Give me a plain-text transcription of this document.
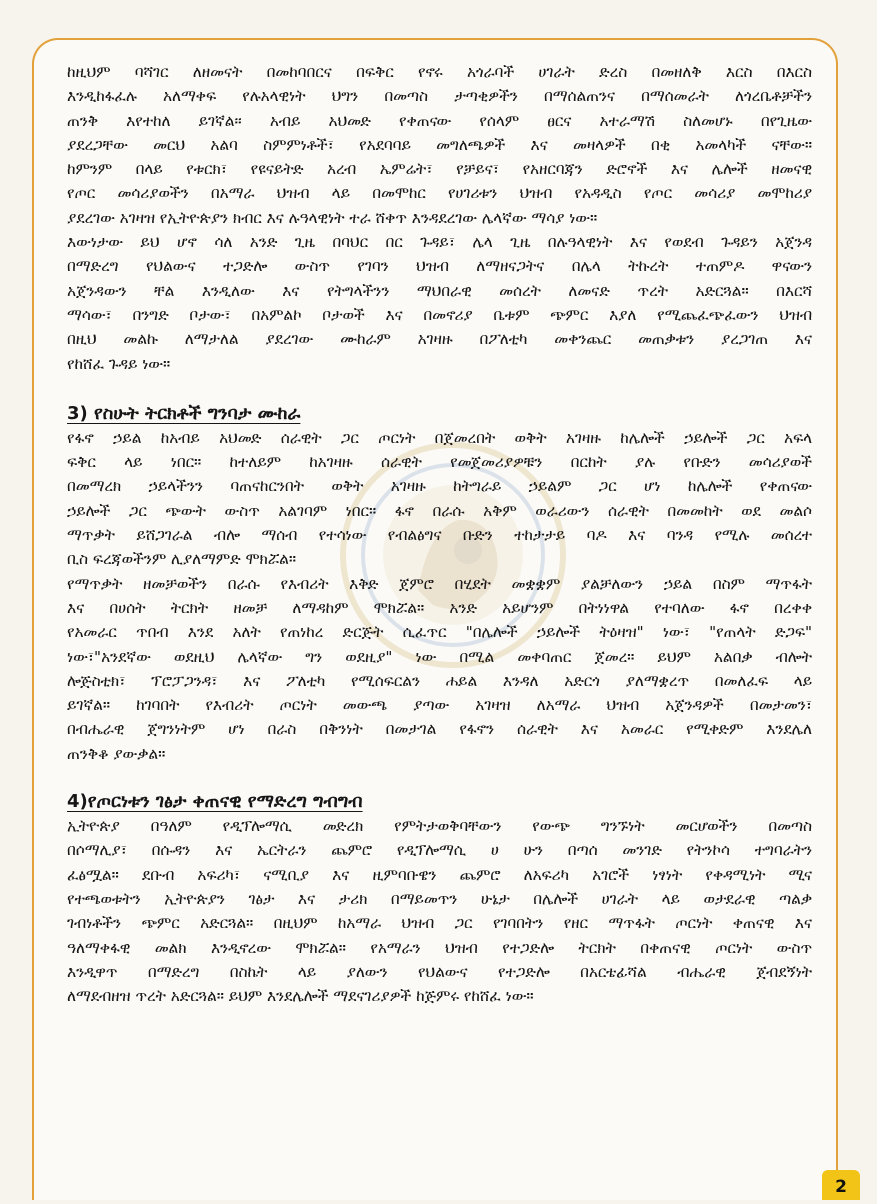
ከዚህም ባሻገር ለዘመናት በመከባበርና በፍቅር የኖሩ አጎራባች ሀገራት ድረስ በመዘለቅ እርስ በእርስ
እንዲከፋፈሉ አለማቀፍ የሉአላዊነት ህግን በመጣስ ታጣቂዎችን በማሰልጠንና በማሰመራት ለጎረቤቶቻችን
ጠንቅ እየተከለ ይገኛል፡፡ አብይ አህመድ የቀጠናው የሰላም ፀርና አተራማሽ ስለመሆኑ በየጊዜው
ያደረጋቸው መርህ አልባ ስምምነቶች፣ የአደባባይ መግለጫዎች እና መዛላዎች በቂ አመላካች ናቸው።
ከምንም በላይ የቱርክ፣ የዩናይትድ አረብ ኤምሬት፣ የቻይና፣ የአዘርባጃን ድሮኖች እና ሌሎች ዘመናዊ
የጦር መሳሪያወችን በአማራ ህዝብ ላይ በመሞከር የሀገሪቱን ህዝብ የአዳዲስ የጦር መሳሪያ መሞከሪያ
ያደረገው አገዛዝ የኢትዮጵያን ክብር እና ሉዓላዊነት ተራ ሸቀጥ እንዳደረገው ሌላኛው ማሳያ ነው።

እውነታው ይህ ሆኖ ሳለ አንድ ጊዜ በባህር በር ጉዳይ፣ ሌላ ጊዜ በሉዓላዊነት እና የወደብ ጉዳይን አጀንዳ
በማድረግ የህልውና ተጋድሎ ውስጥ የገባን ህዝብ ለማዘናጋትና በሌላ ትኩረት ተጠምዶ ዋናውን
አጀንዳውን ቸል እንዲለው እና የትግላችንን ማህበራዊ መሰረት ለመናድ ጥረት አድርጓል። በእርሻ
ማሳው፣ በንግድ ቦታው፣ በአምልኮ ቦታወች እና በመኖሪያ ቤቱም ጭምር እያለ የሚጨፈጭፈውን ህዝብ
በዚህ መልኩ ለማታለል ያደረገው ሙከራም አገዛዙ በፖለቲካ መቀንጨር መጠቃቱን ያረጋገጠ እና
የከሸፈ ጉዳይ ነው።

3) የስሁት ትርክቶች ግንባታ ሙከራ

የፋኖ ኃይል ከአብይ አህመድ ሰራዊት ጋር ጦርነት በጀመረበት ወቅት አገዛዙ ከሌሎች ኃይሎች ጋር አፍላ
ፍቅር ላይ ነበር። ከተለይም ከአገዛዙ ሰራዊት የመጀመሪያዎቹን በርከት ያሉ የቡድን መሳሪያወች
በመማረክ ኃይላችንን ባጠናከርንበት ወቅት አገዛዙ ከትግራይ ኃይልም ጋር ሆነ ከሌሎች የቀጠናው
ኃይሎች ጋር ጭውት ውስጥ አልገባም ነበር። ፋኖ በራሱ አቅም ወራሪውን ሰራዊት በመመከት ወደ መልሶ
ማጥቃት ይሸጋገራል ብሎ ማሰብ የተሳነው የብልፅግና ቡድን ተከታታይ ባዶ እና ባንዳ የሚሉ መሰረተ
ቢስ ፍረጃወችንም ሊያለማምድ ሞክሯል።

የማጥቃት ዘመቻወችን በራሱ የእብሪት እቅድ ጀምሮ በሂደት መቋቋም ያልቻለውን ኃይል በስም ማጥፋት
እና በሀሰት ትርክት ዘመቻ ለማዳከም ሞክሯል። አንድ አይሆንም በትነነዋል የተባለው ፋኖ በረቀቀ
የአመራር ጥበብ እንደ አለት የጠነከረ ድርጅት ሲፈጥር "በሌሎች ኃይሎች ትዕዛዝ" ነው፣ "የጠላት ድጋፍ"
ነው፣"አንደኛው ወደዚህ ሌላኛው ግን ወደዚያ" ነው በሚል መቀባጠር ጀመረ። ይህም አልበቃ ብሎት
ሎጅስቲክ፣ ፕሮፓጋንዳ፣ እና ፖለቲካ የሚሰፍርልን ሐይል እንዳለ አድርጎ ያለማቋረጥ በመለፈፍ ላይ
ይገኛል። ከገባበት የእብሪት ጦርነት መውጫ ያጣው አገዛዝ ለአማራ ህዝብ አጀንዳዎች በመታመን፣
በብሔራዊ ጀግንነትም ሆነ በራስ በቅንነት በመታገል የፋኖን ሰራዊት እና አመራር የሚቀድም እንደሌለ
ጠንቅቆ ያውቃል።

4)የጦርነቱን ገፅታ ቀጠናዊ የማድረግ ግብግብ

ኢትዮጵያ በዓለም የዲፕሎማሲ መድረክ የምትታወቅባቸውን የውጭ ግንኙነት መርሆወችን በመጣስ
በሶማሊያ፣ በሱዳን እና ኤርትራን ጨምሮ የዲፕሎማሲ ሀ ሁን በጣሰ መንገድ የትንኮሳ ተግባራትን
ፈፅሟል። ደቡብ አፍሪካ፣ ናሚቢያ እና ዚምባቡዌን ጨምሮ ለአፍሪካ አገሮች ነፃነት የቀዳሚነት ሚና
የተጫወቱትን ኢትዮጵያን ገፅታ እና ታሪክ በማይመጥን ሁኔታ በሌሎች ሀገራት ላይ ወታደራዊ ጣልቃ
ገብነቶችን ጭምር አድርጓል። በዚህም ከአማራ ህዝብ ጋር የገባበትን የዘር ማጥፋት ጦርነት ቀጠናዊ እና
ዓለማቀፋዊ መልክ እንዲኖረው ሞክሯል። የአማራን ህዝብ የተጋድሎ ትርክት በቀጠናዊ ጦርነት ውስጥ
እንዲዋጥ በማድረግ በስኬት ላይ ያለውን የህልውና የተጋድሎ በአርቴፊሻል ብሔራዊ ጀብደኝነት
ለማደብዘዝ ጥረት አድርጓል። ይህም እንደሌሎች ማደናገሪያዎች ከጅምሩ የከሸፈ ነው።

2
